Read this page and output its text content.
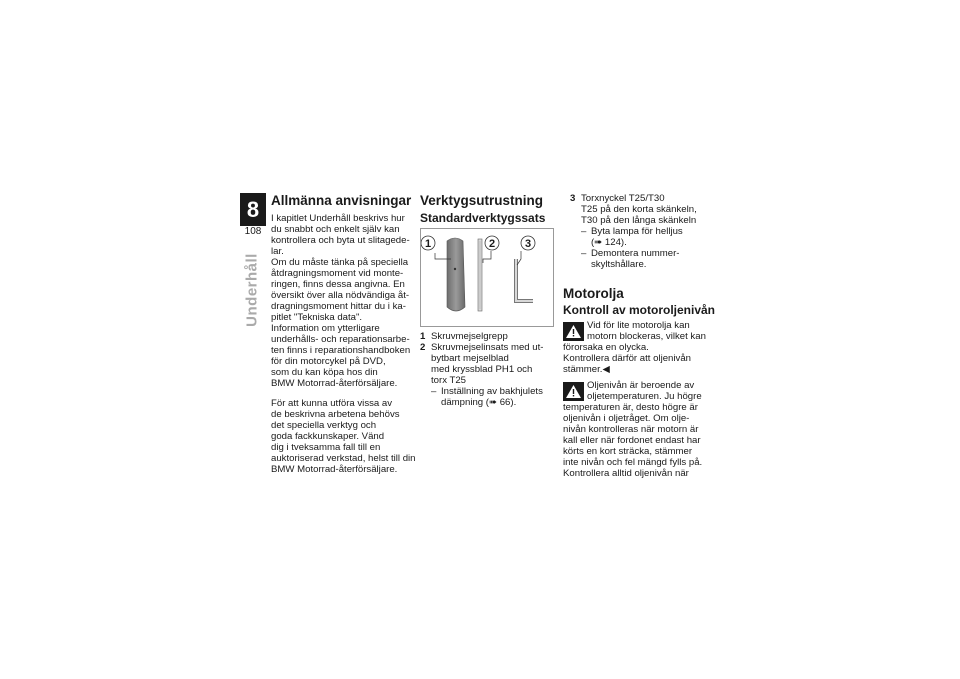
8
108
Underhåll
Allmänna anvisningar
I kapitlet Underhåll beskrivs hur
du snabbt och enkelt själv kan
kontrollera och byta ut slitagede-
lar.
Om du måste tänka på speciella
åtdragningsmoment vid monte-
ringen, finns dessa angivna. En
översikt över alla nödvändiga åt-
dragningsmoment hittar du i ka-
pitlet "Tekniska data".
Information om ytterligare
underhålls- och reparationsarbe-
ten finns i reparationshandboken
för din motorcykel på DVD,
som du kan köpa hos din
BMW Motorrad-återförsäljare.
För att kunna utföra vissa av
de beskrivna arbetena behövs
det speciella verktyg och
goda fackkunskaper. Vänd
dig i tveksamma fall till en
auktoriserad verkstad, helst till din
BMW Motorrad-återförsäljare.
Verktygsutrustning
Standardverktygssats
1	2	3
1 Skruvmejselgrepp
2 Skruvmejselinsats med ut-
bytbart mejselblad
med kryssblad PH1 och
torx T25
– Inställning av bakhjulets
dämpning (➠ 66).
3 Torxnyckel T25/T30
T25 på den korta skänkeln,
T30 på den långa skänkeln
– Byta lampa för helljus
(➠ 124).
– Demontera nummer-
skyltshållare.
Motorolja
Kontroll av motoroljenivån
Vid för lite motorolja kan
motorn blockeras, vilket kan
förorsaka en olycka.
Kontrollera därför att oljenivån
stämmer.◀
Oljenivån är beroende av
oljetemperaturen. Ju högre
temperaturen är, desto högre är
oljenivån i oljetråget. Om olje-
nivån kontrolleras när motorn är
kall eller när fordonet endast har
körts en kort sträcka, stämmer
inte nivån och fel mängd fylls på.
Kontrollera alltid oljenivån när
